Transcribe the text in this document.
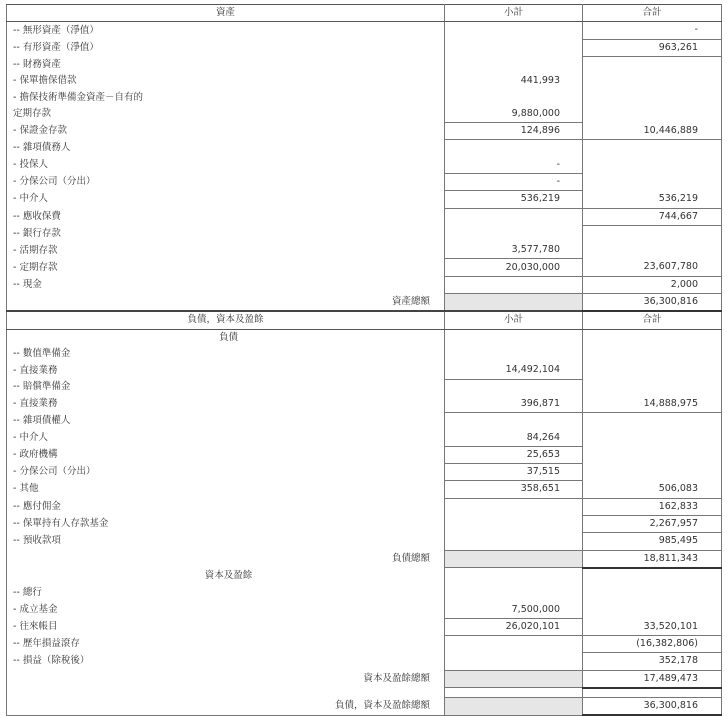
資產	小計	合計
-- 無形資產（淨值）		-
-- 有形資產（淨值）		963,261
-- 財務資產		
- 保單擔保借款	441,993	
- 擔保技術準備金資產－自有的		
定期存款	9,880,000	
- 保證金存款	124,896	10,446,889
-- 雜項債務人		
- 投保人	-	
- 分保公司（分出）	-	
- 中介人	536,219	536,219
-- 應收保費		744,667
-- 銀行存款		
- 活期存款	3,577,780	
- 定期存款	20,030,000	23,607,780
-- 現金		2,000
資產總額		36,300,816
負債，資本及盈餘	小計	合計
負債		
-- 數值準備金		
- 直接業務	14,492,104	
-- 賠償準備金		
- 直接業務	396,871	14,888,975
-- 雜項債權人		
- 中介人	84,264	
- 政府機構	25,653	
- 分保公司（分出）	37,515	
- 其他	358,651	506,083
-- 應付佣金		162,833
-- 保單持有人存款基金		2,267,957
-- 預收款項		985,495
負債總額		18,811,343
資本及盈餘		
-- 總行		
- 成立基金	7,500,000	
- 往來帳目	26,020,101	33,520,101
-- 歷年損益滾存		(16,382,806)
-- 損益（除稅後）		352,178
資本及盈餘總額		17,489,473

負債，資本及盈餘總額		36,300,816
